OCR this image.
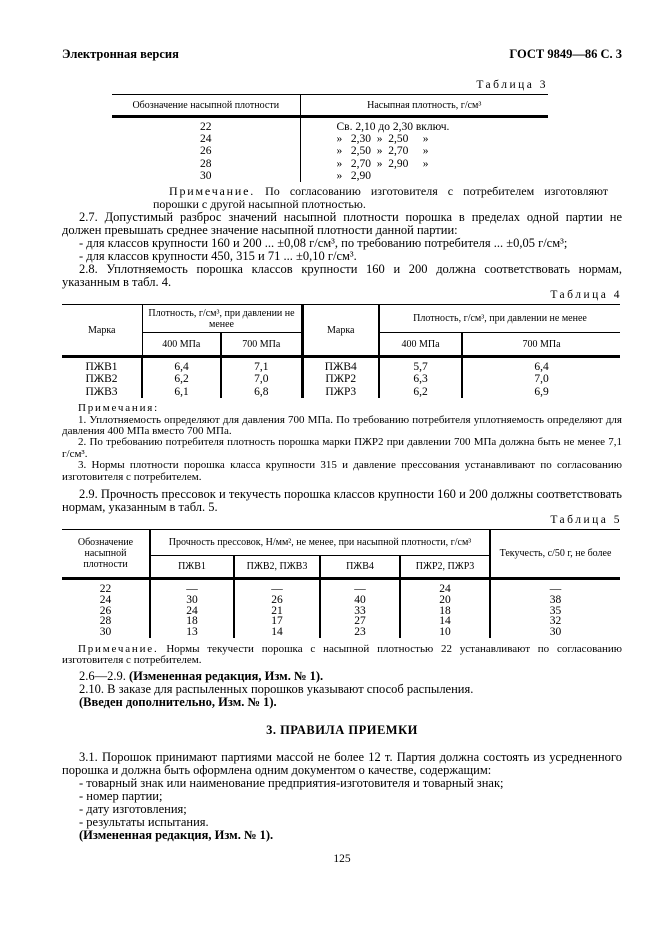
Электронная версия	ГОСТ 9849—86 С. 3
Таблица 3
Обозначение насыпной плотности	Насыпная плотность, г/см³
22	Св. 2,10 до 2,30 включ.
24	»   2,30  »  2,50     »
26	»   2,50  »  2,70     »
28	»   2,70  »  2,90     »
30	»   2,90
Примечание. По согласованию изготовителя с потребителем изготовляют порошки с другой насыпной плотностью.

2.7. Допустимый разброс значений насыпной плотности порошка в пределах одной партии не должен превышать среднее значение насыпной плотности данной партии:

- для классов крупности 160 и 200 ... ±0,08 г/см³, по требованию потребителя ... ±0,05 г/см³;
- для классов крупности 450, 315 и 71 ... ±0,10 г/см³.

2.8. Уплотняемость порошка классов крупности 160 и 200 должна соответствовать нормам, указанным в табл. 4.

Таблица 4
Марка	Плотность, г/см³, при давлении не менее		Марка	Плотность, г/см³, при давлении не менее	
	400 МПа	700 МПа		400 МПа	700 МПа
ПЖВ1	6,4	7,1	ПЖВ4	5,7	6,4
ПЖВ2	6,2	7,0	ПЖР2	6,3	7,0
ПЖВ3	6,1	6,8	ПЖР3	6,2	6,9
Примечания:
1. Уплотняемость определяют для давления 700 МПа. По требованию потребителя уплотняемость определяют для давления 400 МПа вместо 700 МПа.
2. По требованию потребителя плотность порошка марки ПЖР2 при давлении 700 МПа должна быть не менее 7,1 г/см³.
3. Нормы плотности порошка класса крупности 315 и давление прессования устанавливают по согласованию изготовителя с потребителем.

2.9. Прочность прессовок и текучесть порошка классов крупности 160 и 200 должны соответствовать нормам, указанным в табл. 5.

Таблица 5
Обозначение насыпной плотности	Прочность прессовок, Н/мм², не менее, при насыпной плотности, г/см³				Текучесть, с/50 г, не более
	ПЖВ1	ПЖВ2, ПЖВ3	ПЖВ4	ПЖР2, ПЖР3	
22	—	—	—	24	—
24	30	26	40	20	38
26	24	21	33	18	35
28	18	17	27	14	32
30	13	14	23	10	30
Примечание. Нормы текучести порошка с насыпной плотностью 22 устанавливают по согласованию изготовителя с потребителем.
2.6—2.9. (Измененная редакция, Изм. № 1).
2.10. В заказе для распыленных порошков указывают способ распыления.
(Введен дополнительно, Изм. № 1).
3. ПРАВИЛА ПРИЕМКИ

3.1. Порошок принимают партиями массой не более 12 т. Партия должна состоять из усредненного порошка и должна быть оформлена одним документом о качестве, содержащим:

- товарный знак или наименование предприятия-изготовителя и товарный знак;
- номер партии;
- дату изготовления;
- результаты испытания.
(Измененная редакция, Изм. № 1).
125
